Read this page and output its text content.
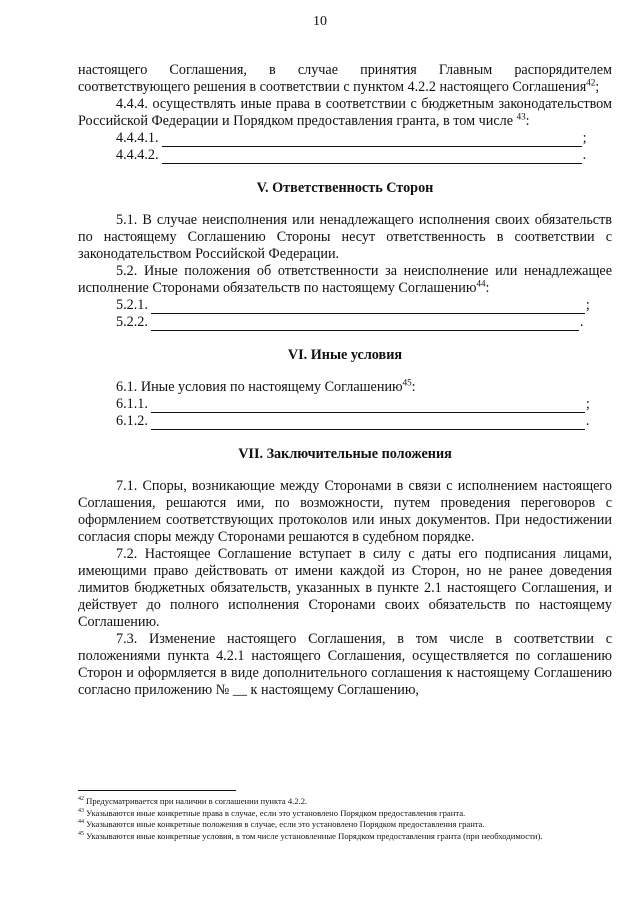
10

настоящего Соглашения, в случае принятия Главным распорядителем соответствующего решения в соответствии с пунктом 4.2.2 настоящего Соглашения$^{42}$;

4.4.4. осуществлять иные права в соответствии с бюджетным законодательством Российской Федерации и Порядком предоставления гранта, в том числе $^{43}$:

4.4.4.1.	;
4.4.4.2.	.

V. Ответственность Сторон

5.1. В случае неисполнения или ненадлежащего исполнения своих обязательств по настоящему Соглашению Стороны несут ответственность в соответствии с законодательством Российской Федерации.

5.2. Иные положения об ответственности за неисполнение или ненадлежащее исполнение Сторонами обязательств по настоящему Соглашению$^{44}$:

5.2.1.	;
5.2.2.	.

VI. Иные условия

6.1. Иные условия по настоящему Соглашению$^{45}$:

6.1.1.	;
6.1.2.	.

VII. Заключительные положения

7.1. Споры, возникающие между Сторонами в связи с исполнением настоящего Соглашения, решаются ими, по возможности, путем проведения переговоров с оформлением соответствующих протоколов или иных документов. При недостижении согласия споры между Сторонами решаются в судебном порядке.

7.2. Настоящее Соглашение вступает в силу с даты его подписания лицами, имеющими право действовать от имени каждой из Сторон, но не ранее доведения лимитов бюджетных обязательств, указанных в пункте 2.1 настоящего Соглашения, и действует до полного исполнения Сторонами своих обязательств по настоящему Соглашению.

7.3. Изменение настоящего Соглашения, в том числе в соответствии с положениями пункта 4.2.1 настоящего Соглашения, осуществляется по соглашению Сторон и оформляется в виде дополнительного соглашения к настоящему Соглашению согласно приложению № __ к настоящему Соглашению,

$^{42}$ Предусматривается при наличии в соглашении пункта 4.2.2.
$^{43}$ Указываются иные конкретные права в случае, если это установлено Порядком предоставления гранта.
$^{44}$ Указываются иные конкретные положения в случае, если это установлено Порядком предоставления гранта.
$^{45}$ Указываются иные конкретные условия, в том числе установленные Порядком предоставления гранта (при необходимости).
